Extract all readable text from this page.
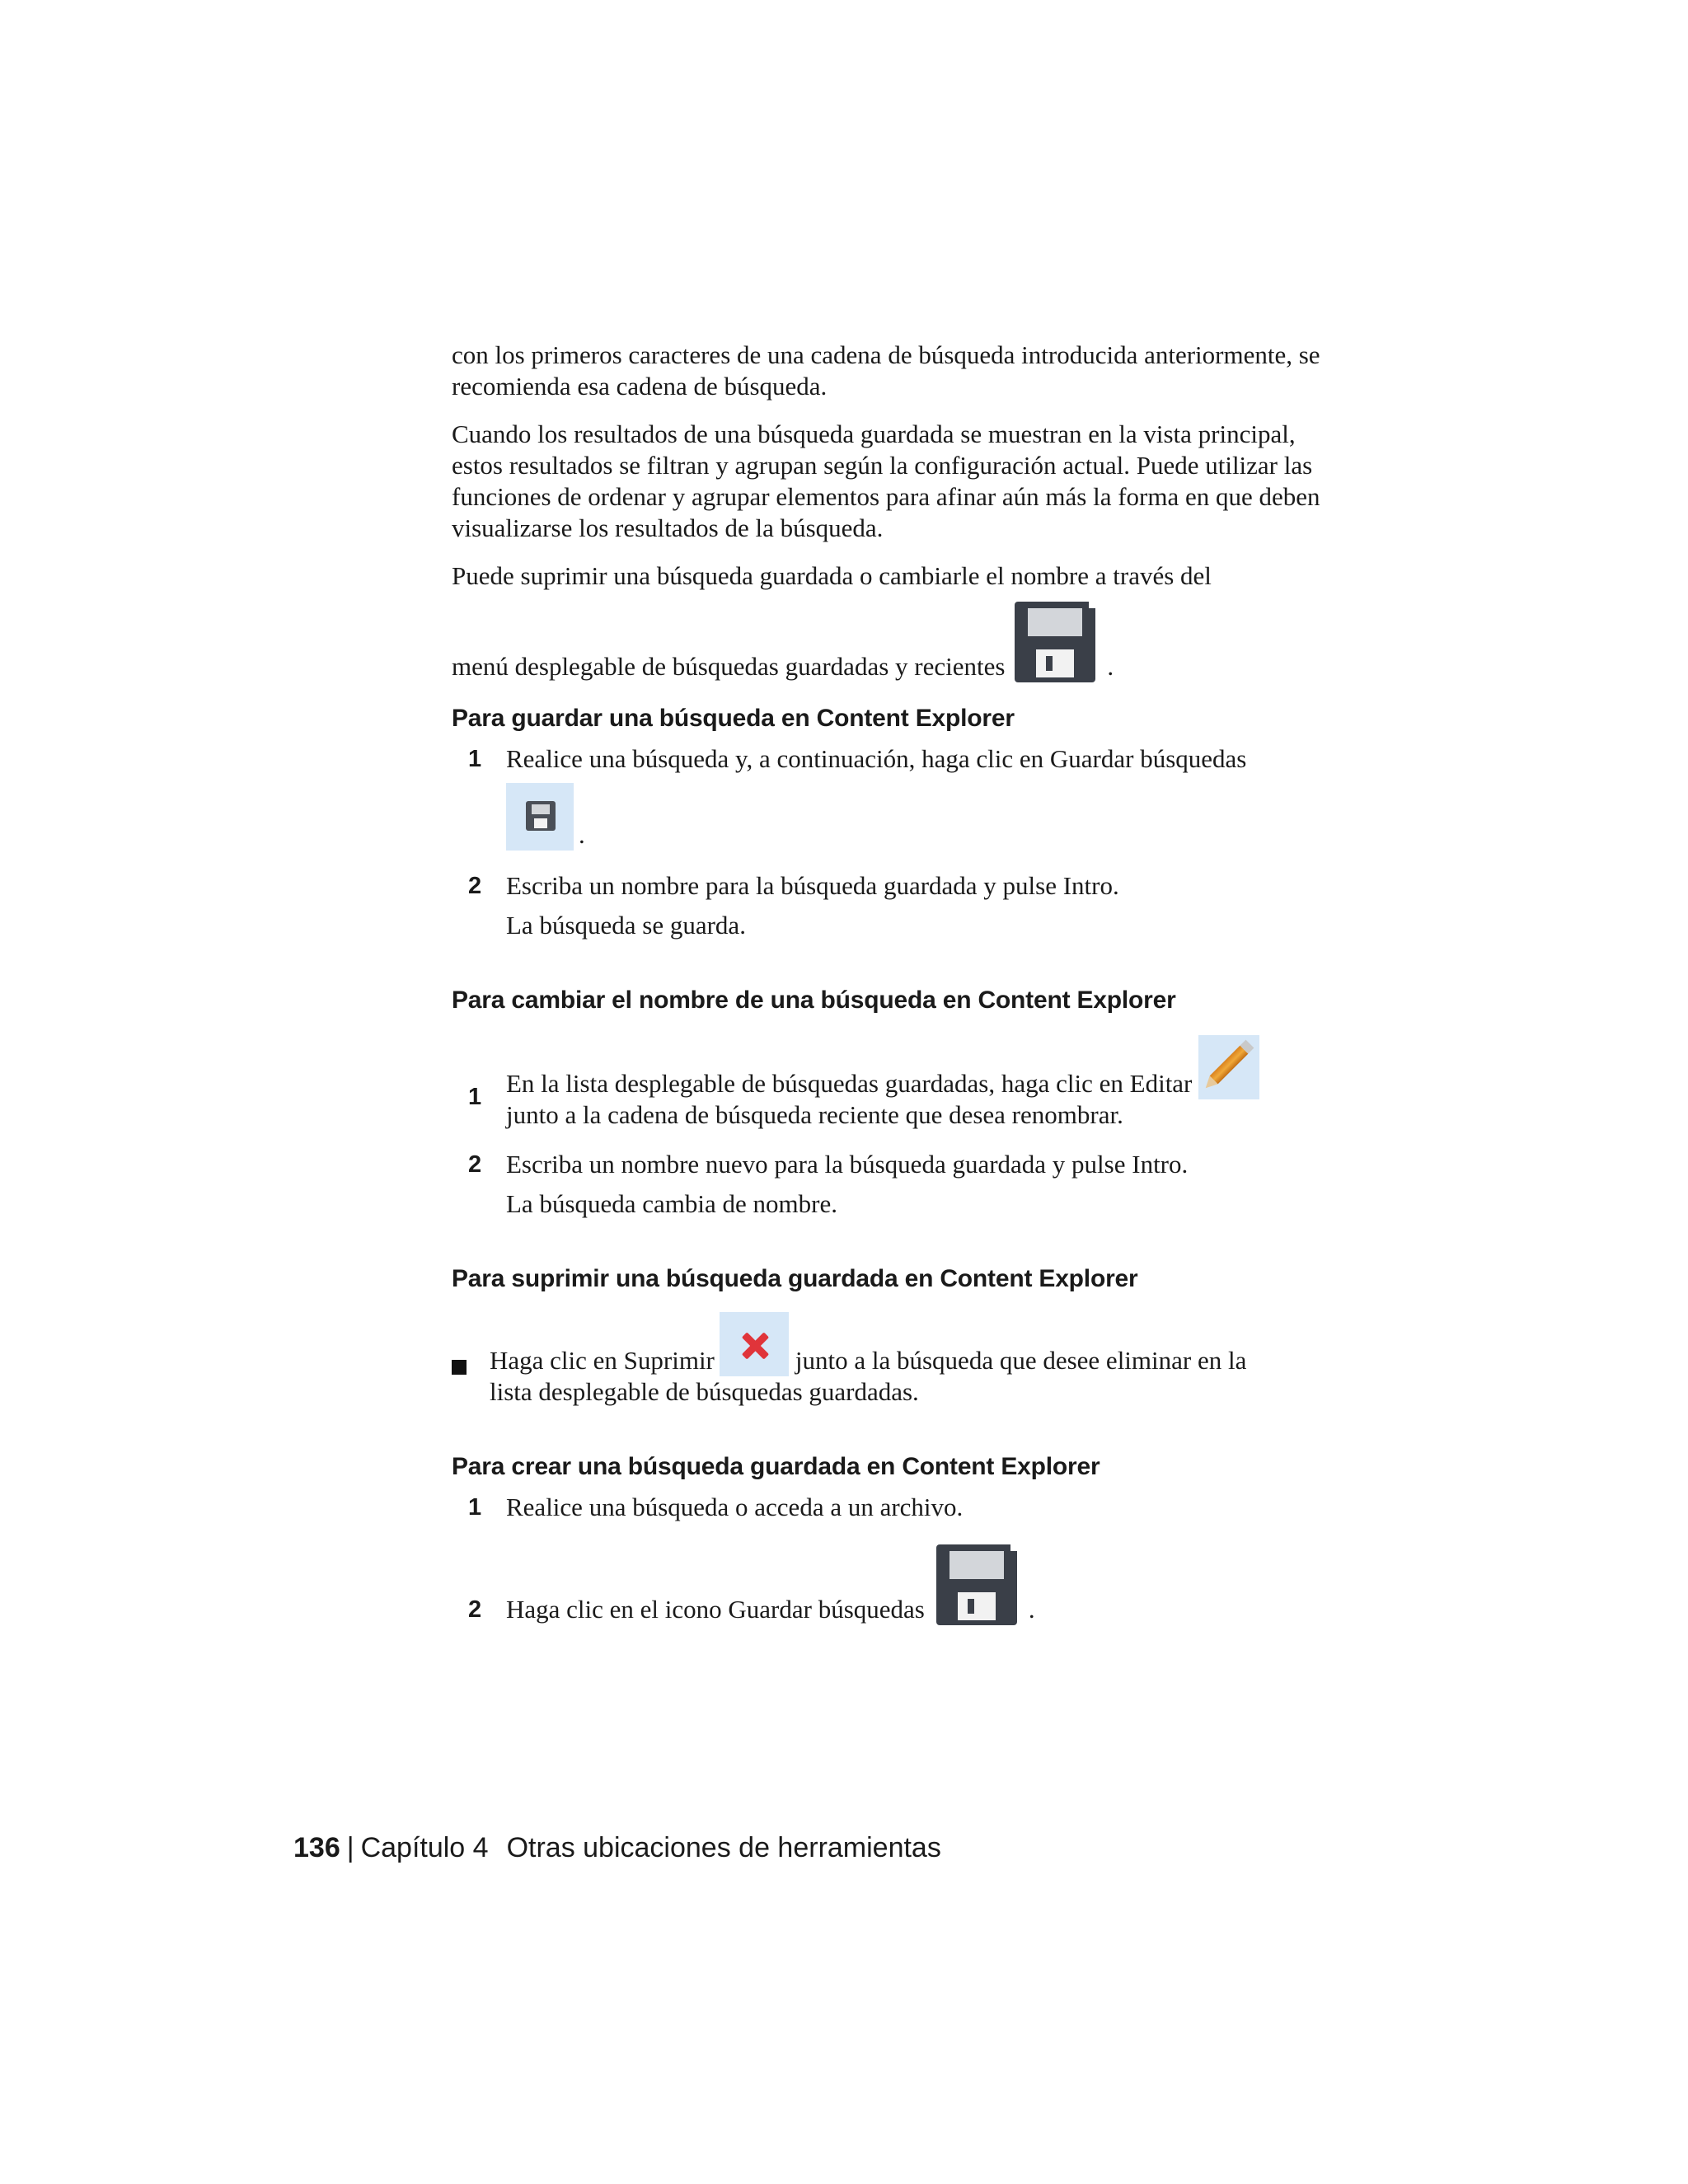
con los primeros caracteres de una cadena de búsqueda introducida anteriormente, se recomienda esa cadena de búsqueda.

Cuando los resultados de una búsqueda guardada se muestran en la vista principal, estos resultados se filtran y agrupan según la configuración actual. Puede utilizar las funciones de ordenar y agrupar elementos para afinar aún más la forma en que deben visualizarse los resultados de la búsqueda.

Puede suprimir una búsqueda guardada o cambiarle el nombre a través del
menú desplegable de búsquedas guardadas y recientes	.
Para guardar una búsqueda en Content Explorer
1 Realice una búsqueda y, a continuación, haga clic en Guardar búsquedas
.
2 Escriba un nombre para la búsqueda guardada y pulse Intro.
La búsqueda se guarda.
Para cambiar el nombre de una búsqueda en Content Explorer
1 En la lista desplegable de búsquedas guardadas, haga clic en Editar
junto a la cadena de búsqueda reciente que desea renombrar.
2 Escriba un nombre nuevo para la búsqueda guardada y pulse Intro.
La búsqueda cambia de nombre.
Para suprimir una búsqueda guardada en Content Explorer
Haga clic en Suprimir	junto a la búsqueda que desee eliminar en la
lista desplegable de búsquedas guardadas.
Para crear una búsqueda guardada en Content Explorer
1 Realice una búsqueda o acceda a un archivo.
2 Haga clic en el icono Guardar búsquedas	.
136 | Capítulo 4 Otras ubicaciones de herramientas
